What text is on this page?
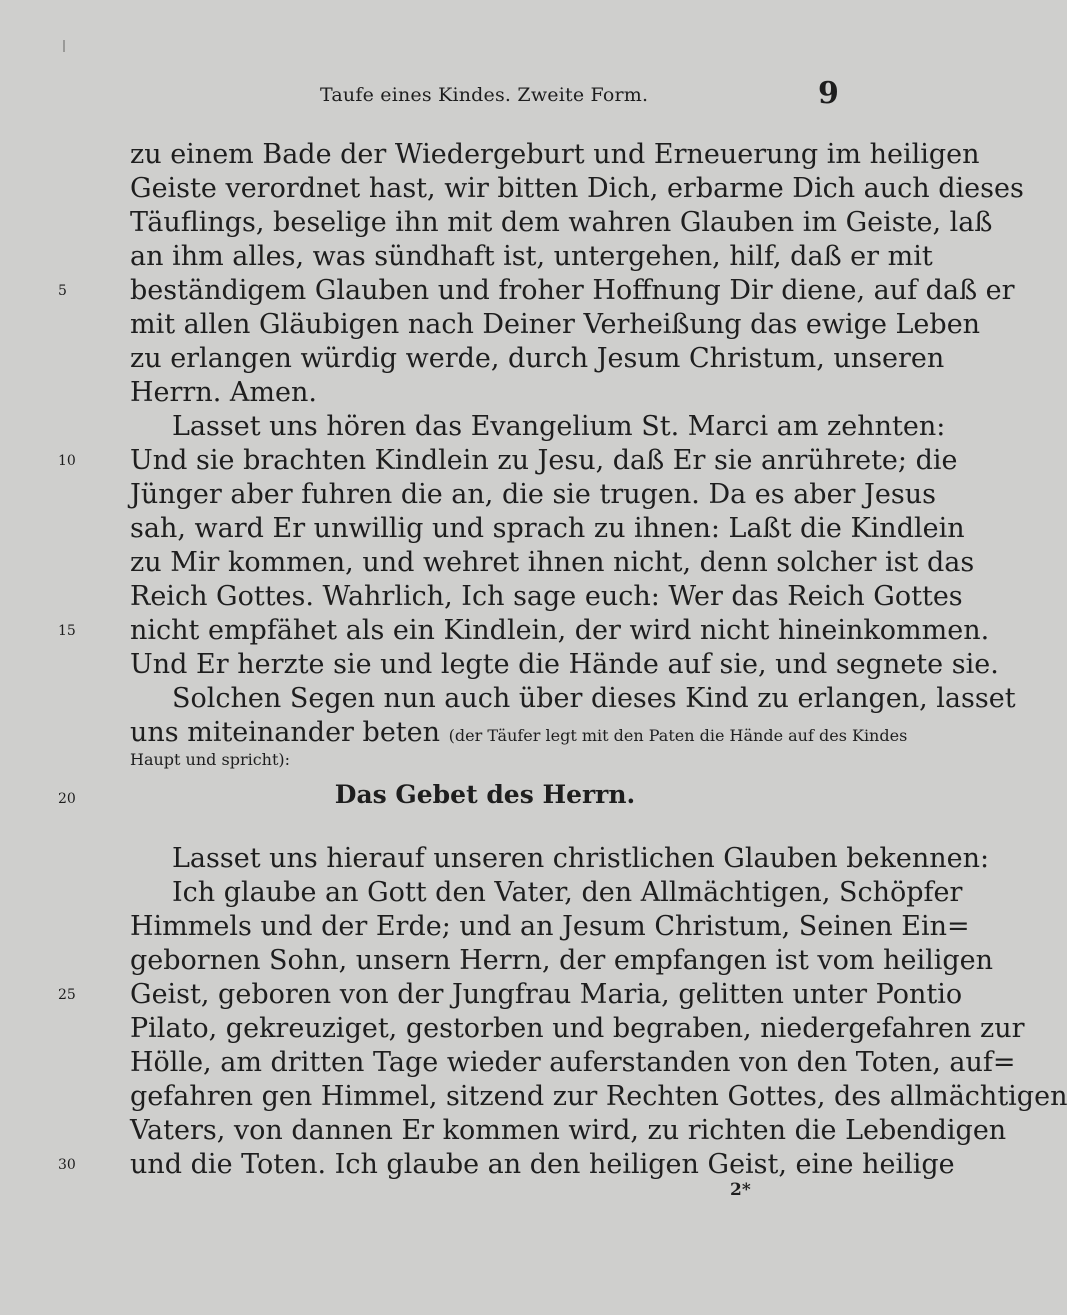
Taufe eines Kindes. Zweite Form.	9
zu einem Bade der Wiedergeburt und Erneuerung im heiligen
Geiste verordnet hast, wir bitten Dich, erbarme Dich auch dieses
Täuflings, beselige ihn mit dem wahren Glauben im Geiste, laß
an ihm alles, was sündhaft ist, untergehen, hilf, daß er mit
beständigem Glauben und froher Hoffnung Dir diene, auf daß er
mit allen Gläubigen nach Deiner Verheißung das ewige Leben
zu erlangen würdig werde, durch Jesum Christum, unseren
Herrn. Amen.
Lasset uns hören das Evangelium St. Marci am zehnten:
Und sie brachten Kindlein zu Jesu, daß Er sie anrührete; die
Jünger aber fuhren die an, die sie trugen. Da es aber Jesus
sah, ward Er unwillig und sprach zu ihnen: Laßt die Kindlein
zu Mir kommen, und wehret ihnen nicht, denn solcher ist das
Reich Gottes. Wahrlich, Ich sage euch: Wer das Reich Gottes
nicht empfähet als ein Kindlein, der wird nicht hineinkommen.
Und Er herzte sie und legte die Hände auf sie, und segnete sie.
Solchen Segen nun auch über dieses Kind zu erlangen, lasset
uns miteinander beten (der Täufer legt mit den Paten die Hände auf des Kindes
Haupt und spricht):
Das Gebet des Herrn.
Lasset uns hierauf unseren christlichen Glauben bekennen:
Ich glaube an Gott den Vater, den Allmächtigen, Schöpfer
Himmels und der Erde; und an Jesum Christum, Seinen Ein=
gebornen Sohn, unsern Herrn, der empfangen ist vom heiligen
Geist, geboren von der Jungfrau Maria, gelitten unter Pontio
Pilato, gekreuziget, gestorben und begraben, niedergefahren zur
Hölle, am dritten Tage wieder auferstanden von den Toten, auf=
gefahren gen Himmel, sitzend zur Rechten Gottes, des allmächtigen
Vaters, von dannen Er kommen wird, zu richten die Lebendigen
und die Toten. Ich glaube an den heiligen Geist, eine heilige
5
10
15
20
25
30
2*
